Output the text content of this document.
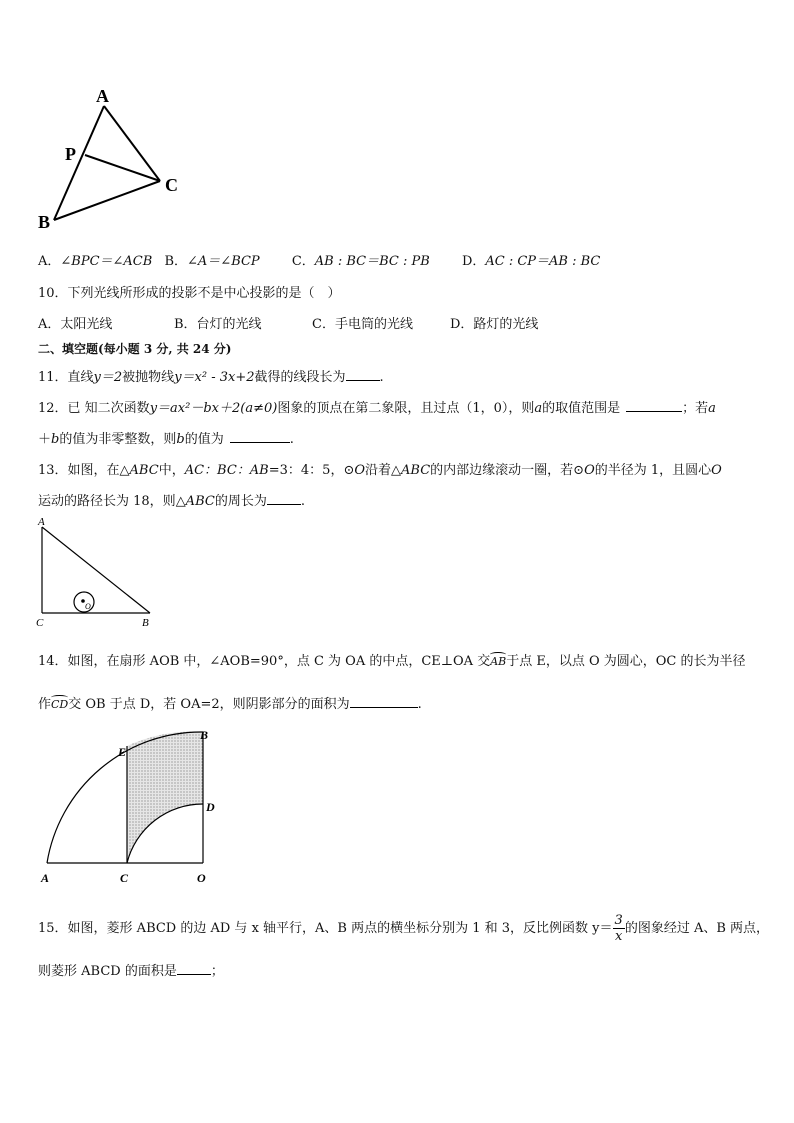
A
P
C
B
A．∠BPC＝∠ACB B．∠A＝∠BCP C．AB : BC＝BC : PB D．AC : CP＝AB : BC
10．下列光线所形成的投影不是中心投影的是（　）
A．太阳光线	B．台灯的光线	C．手电筒的光线	D．路灯的光线
二、填空题(每小题 3 分, 共 24 分)
11．直线y＝2被抛物线y＝x² - 3x+2截得的线段长为	.
12．已 知二次函数y＝ax²－bx＋2(a≠0)图象的顶点在第二象限，且过点（1，0），则a的取值范围是	；若a
＋b的值为非零整数，则b的值为	.
13．如图，在△ABC中，AC：BC：AB=3：4：5，⊙O沿着△ABC的内部边缘滚动一圈，若⊙O的半径为 1，且圆心O
运动的路径长为 18，则△ABC的周长为	.
A
C	B
O
14．如图，在扇形 AOB 中，∠AOB=90°，点 C 为 OA 的中点，CE⊥OA 交AB于点 E，以点 O 为圆心，OC 的长为半径
作CD交 OB 于点 D，若 OA=2，则阴影部分的面积为	.
E
B
D
A	C	O
15．如图，菱形 ABCD 的边 AD 与 x 轴平行，A、B 两点的横坐标分别为 1 和 3，反比例函数 $y= \frac{3}{x}$ 的图象经过 A、B 两点，
则菱形 ABCD 的面积是	；
